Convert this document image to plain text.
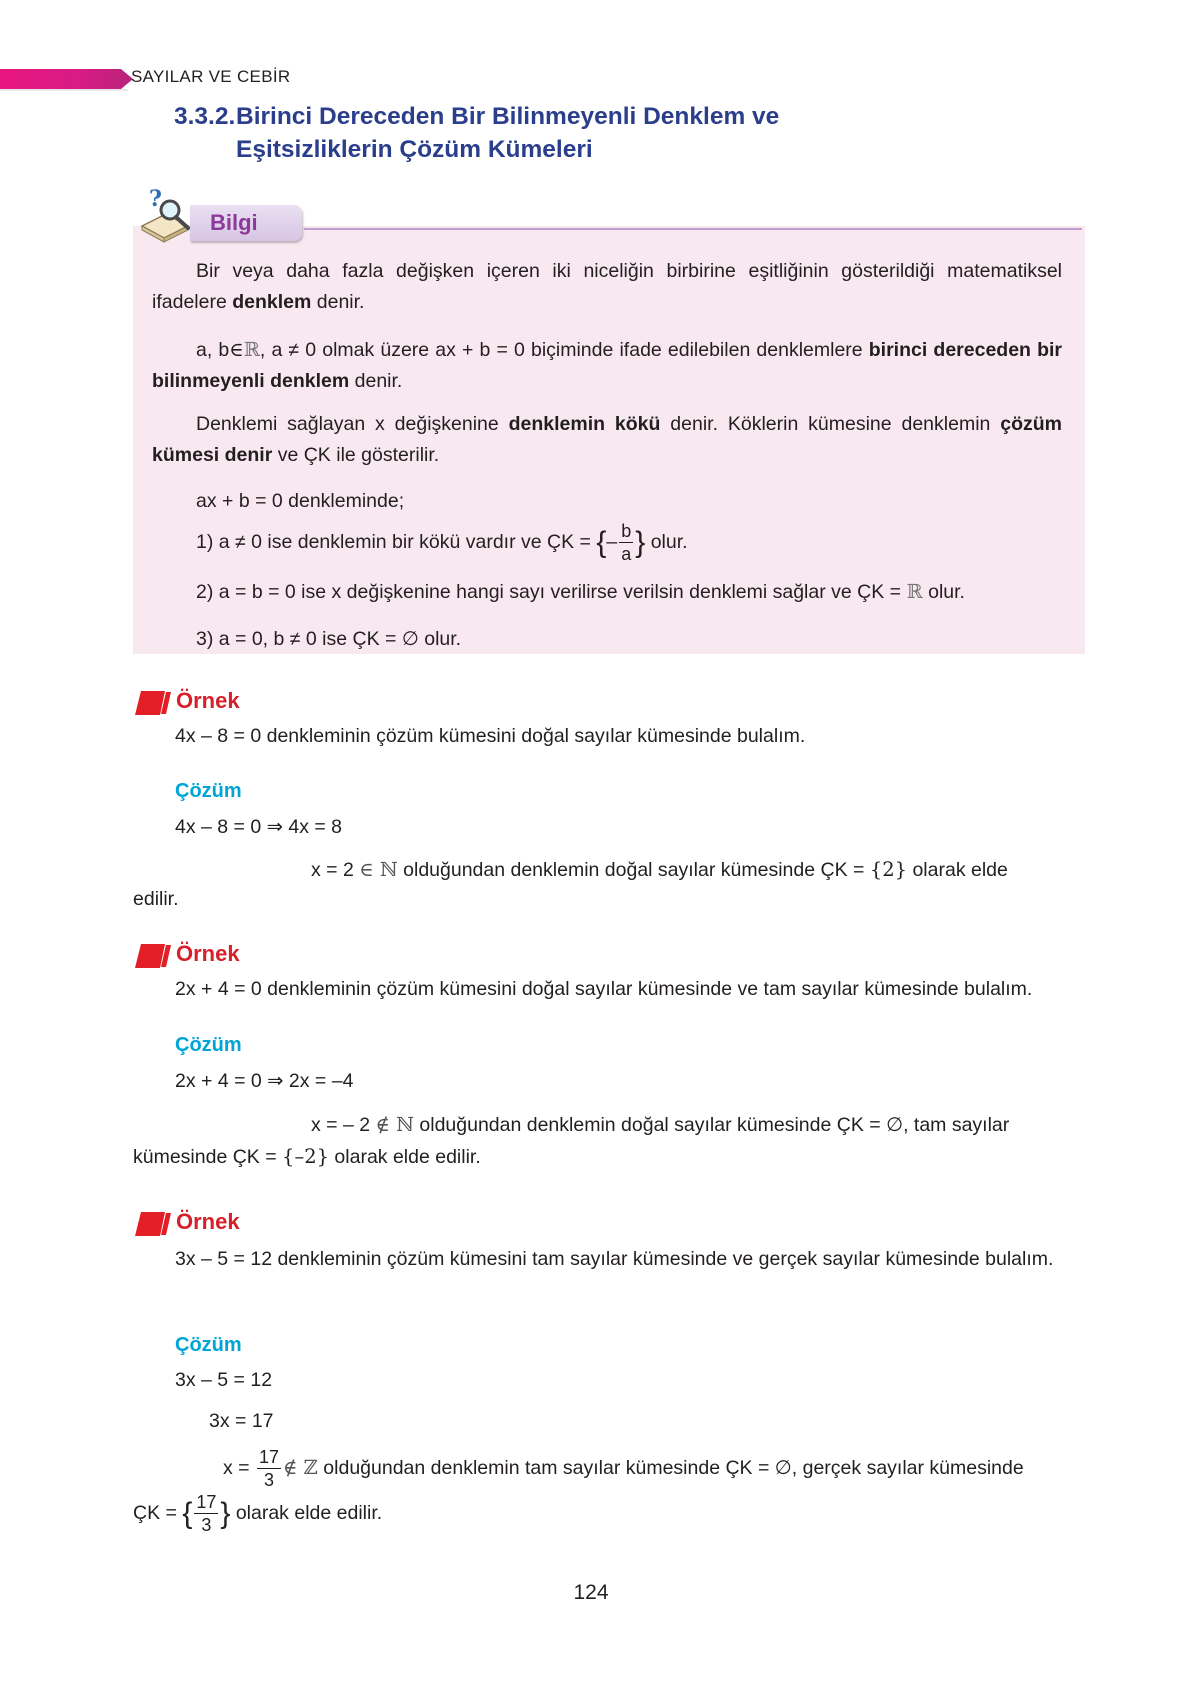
SAYILAR VE CEBİR
3.3.2.Birinci Dereceden Bir Bilinmeyenli Denklem ve
Eşitsizliklerin Çözüm Kümeleri
Bilgi
?
Bir veya daha fazla değişken içeren iki niceliğin birbirine eşitliğinin gösterildiği matematiksel ifadelere denklem denir.
a, b∈ℝ, a ≠ 0 olmak üzere ax + b = 0 biçiminde ifade edilebilen denklemlere birinci dereceden bir bilinmeyenli denklem denir.
Denklemi sağlayan x değişkenine denklemin kökü denir. Köklerin kümesine denklemin çözüm kümesi denir ve ÇK ile gösterilir.
ax + b = 0 denkleminde;
1) a ≠ 0 ise denklemin bir kökü vardır ve ÇK = {– $\frac{b}{a}$ } olur.
2) a = b = 0 ise x değişkenine hangi sayı verilirse verilsin denklemi sağlar ve ÇK = ℝ olur.
3) a = 0, b ≠ 0 ise ÇK = ∅ olur.
Örnek
4x – 8 = 0 denkleminin çözüm kümesini doğal sayılar kümesinde bulalım.
Çözüm
4x – 8 = 0 ⇒ 4x = 8
x = 2 ∈ ℕ olduğundan denklemin doğal sayılar kümesinde ÇK = {2} olarak elde
edilir.
Örnek
2x + 4 = 0 denkleminin çözüm kümesini doğal sayılar kümesinde ve tam sayılar kümesinde bulalım.
Çözüm
2x + 4 = 0 ⇒ 2x = –4
x = – 2 ∉ ℕ olduğundan denklemin doğal sayılar kümesinde ÇK = ∅, tam sayılar
kümesinde ÇK = {–2} olarak elde edilir.
Örnek
3x – 5 = 12 denkleminin çözüm kümesini tam sayılar kümesinde ve gerçek sayılar kümesinde bulalım.
Çözüm
3x – 5 = 12
3x = 17
$x = \frac{17}{3}$ ∉ ℤ olduğundan denklemin tam sayılar kümesinde ÇK = ∅, gerçek sayılar kümesinde
ÇK = { $\frac{17}{3}$ } olarak elde edilir.
124
